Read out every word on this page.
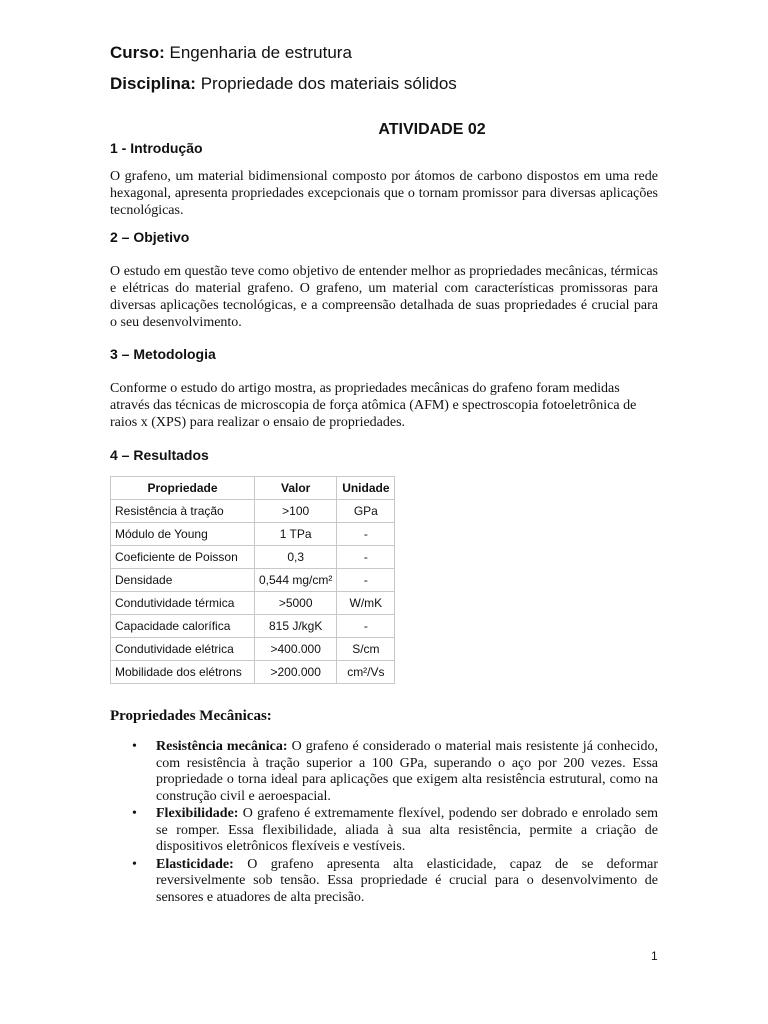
Curso: Engenharia de estrutura
Disciplina: Propriedade dos materiais sólidos
ATIVIDADE 02
1 - Introdução
O grafeno, um material bidimensional composto por átomos de carbono dispostos em uma rede hexagonal, apresenta propriedades excepcionais que o tornam promissor para diversas aplicações tecnológicas.
2 – Objetivo
O estudo em questão teve como objetivo de entender melhor as propriedades mecânicas, térmicas e elétricas do material grafeno. O grafeno, um material com características promissoras para diversas aplicações tecnológicas, e a compreensão detalhada de suas propriedades é crucial para o seu desenvolvimento.
3 – Metodologia
Conforme o estudo do artigo mostra, as propriedades mecânicas do grafeno foram medidas através das técnicas de microscopia de força atômica (AFM) e spectroscopia fotoeletrônica de raios x (XPS) para realizar o ensaio de propriedades.
4 – Resultados
Propriedade	Valor	Unidade
Resistência à tração	>100	GPa
Módulo de Young	1 TPa	-
Coeficiente de Poisson	0,3	-
Densidade	0,544 mg/cm²	-
Condutividade térmica	>5000	W/mK
Capacidade calorífica	815 J/kgK	-
Condutividade elétrica	>400.000	S/cm
Mobilidade dos elétrons	>200.000	cm²/Vs
Propriedades Mecânicas:
• Resistência mecânica: O grafeno é considerado o material mais resistente já conhecido, com resistência à tração superior a 100 GPa, superando o aço por 200 vezes. Essa propriedade o torna ideal para aplicações que exigem alta resistência estrutural, como na construção civil e aeroespacial.
• Flexibilidade: O grafeno é extremamente flexível, podendo ser dobrado e enrolado sem se romper. Essa flexibilidade, aliada à sua alta resistência, permite a criação de dispositivos eletrônicos flexíveis e vestíveis.
• Elasticidade: O grafeno apresenta alta elasticidade, capaz de se deformar reversivelmente sob tensão. Essa propriedade é crucial para o desenvolvimento de sensores e atuadores de alta precisão.
1
